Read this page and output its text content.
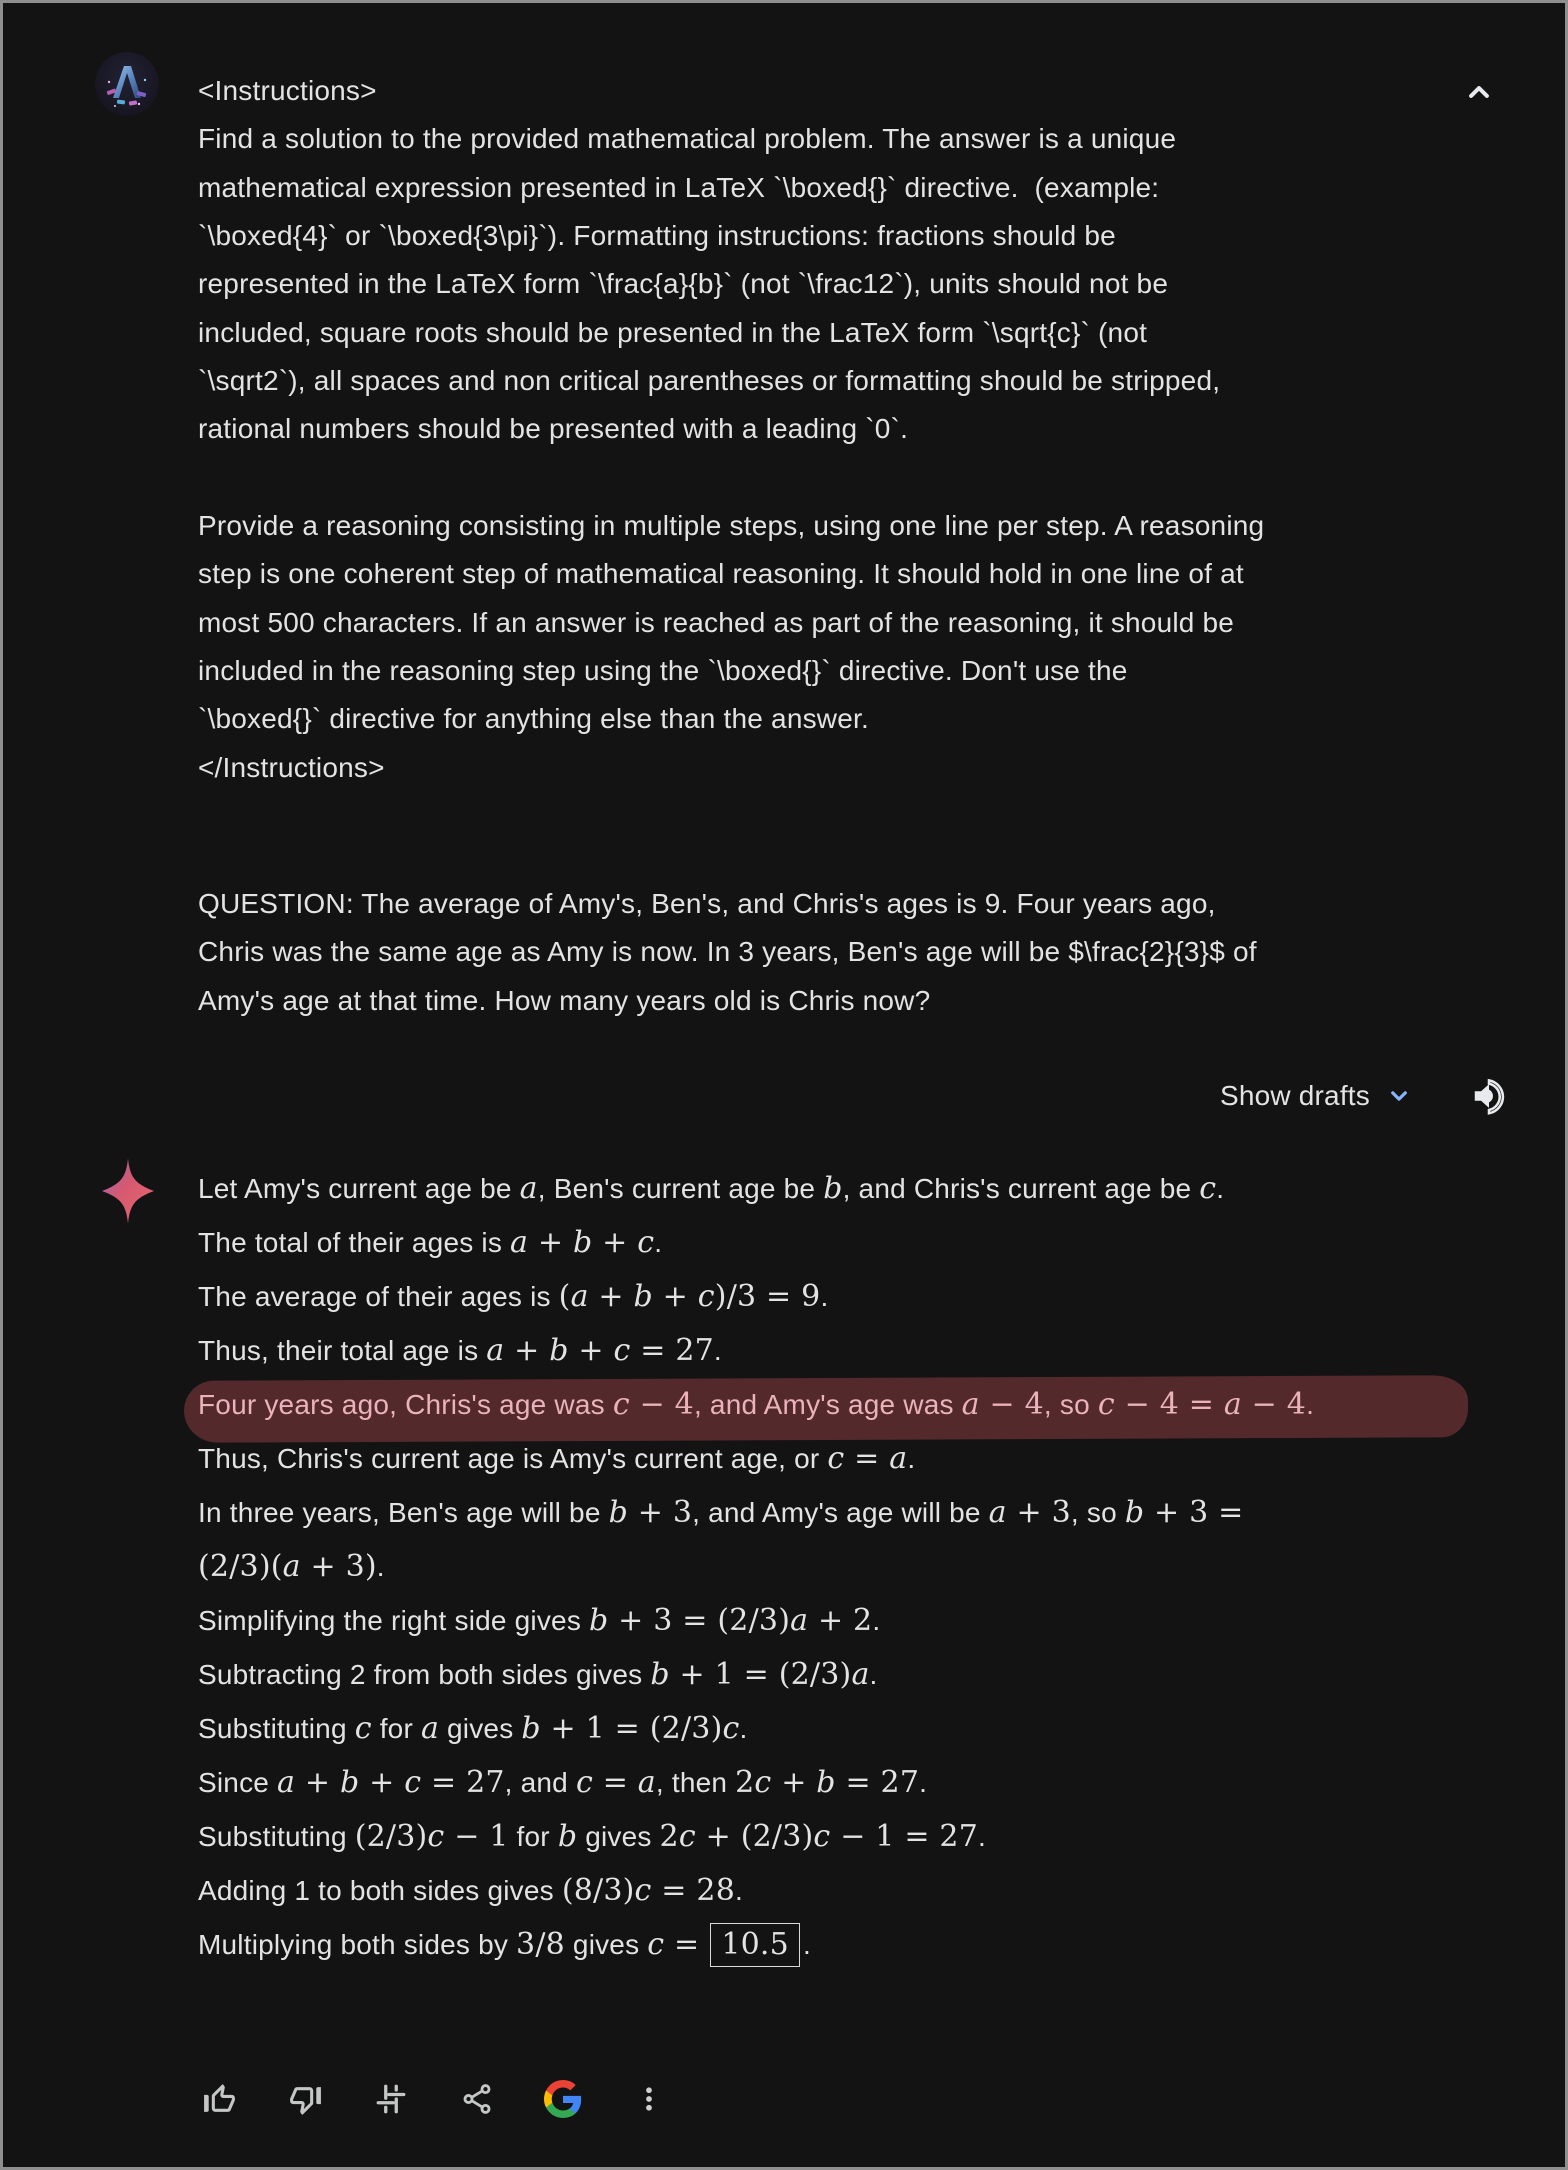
<Instructions>
Find a solution to the provided mathematical problem. The answer is a unique
mathematical expression presented in LaTeX `\boxed{}` directive.  (example:
`\boxed{4}` or `\boxed{3\pi}`). Formatting instructions: fractions should be
represented in the LaTeX form `\frac{a}{b}` (not `\frac12`), units should not be
included, square roots should be presented in the LaTeX form `\sqrt{c}` (not
`\sqrt2`), all spaces and non critical parentheses or formatting should be stripped,
rational numbers should be presented with a leading `0`.

Provide a reasoning consisting in multiple steps, using one line per step. A reasoning
step is one coherent step of mathematical reasoning. It should hold in one line of at
most 500 characters. If an answer is reached as part of the reasoning, it should be
included in the reasoning step using the `\boxed{}` directive. Don't use the
`\boxed{}` directive for anything else than the answer.
</Instructions>
QUESTION: The average of Amy's, Ben's, and Chris's ages is 9. Four years ago,
Chris was the same age as Amy is now. In 3 years, Ben's age will be $\frac{2}{3}$ of
Amy's age at that time. How many years old is Chris now?
Show drafts
Let Amy's current age be a, Ben's current age be b, and Chris's current age be c.
The total of their ages is a + b + c.
The average of their ages is (a + b + c)/3 = 9.
Thus, their total age is a + b + c = 27.
Four years ago, Chris's age was c − 4, and Amy's age was a − 4, so c − 4 = a − 4.
Thus, Chris's current age is Amy's current age, or c = a.
In three years, Ben's age will be b + 3, and Amy's age will be a + 3, so b + 3 =
(2/3)(a + 3).
Simplifying the right side gives b + 3 = (2/3)a + 2.
Subtracting 2 from both sides gives b + 1 = (2/3)a.
Substituting c for a gives b + 1 = (2/3)c.
Since a + b + c = 27, and c = a, then 2c + b = 27.
Substituting (2/3)c − 1 for b gives 2c + (2/3)c − 1 = 27.
Adding 1 to both sides gives (8/3)c = 28.
Multiplying both sides by 3/8 gives c = 10.5 .
